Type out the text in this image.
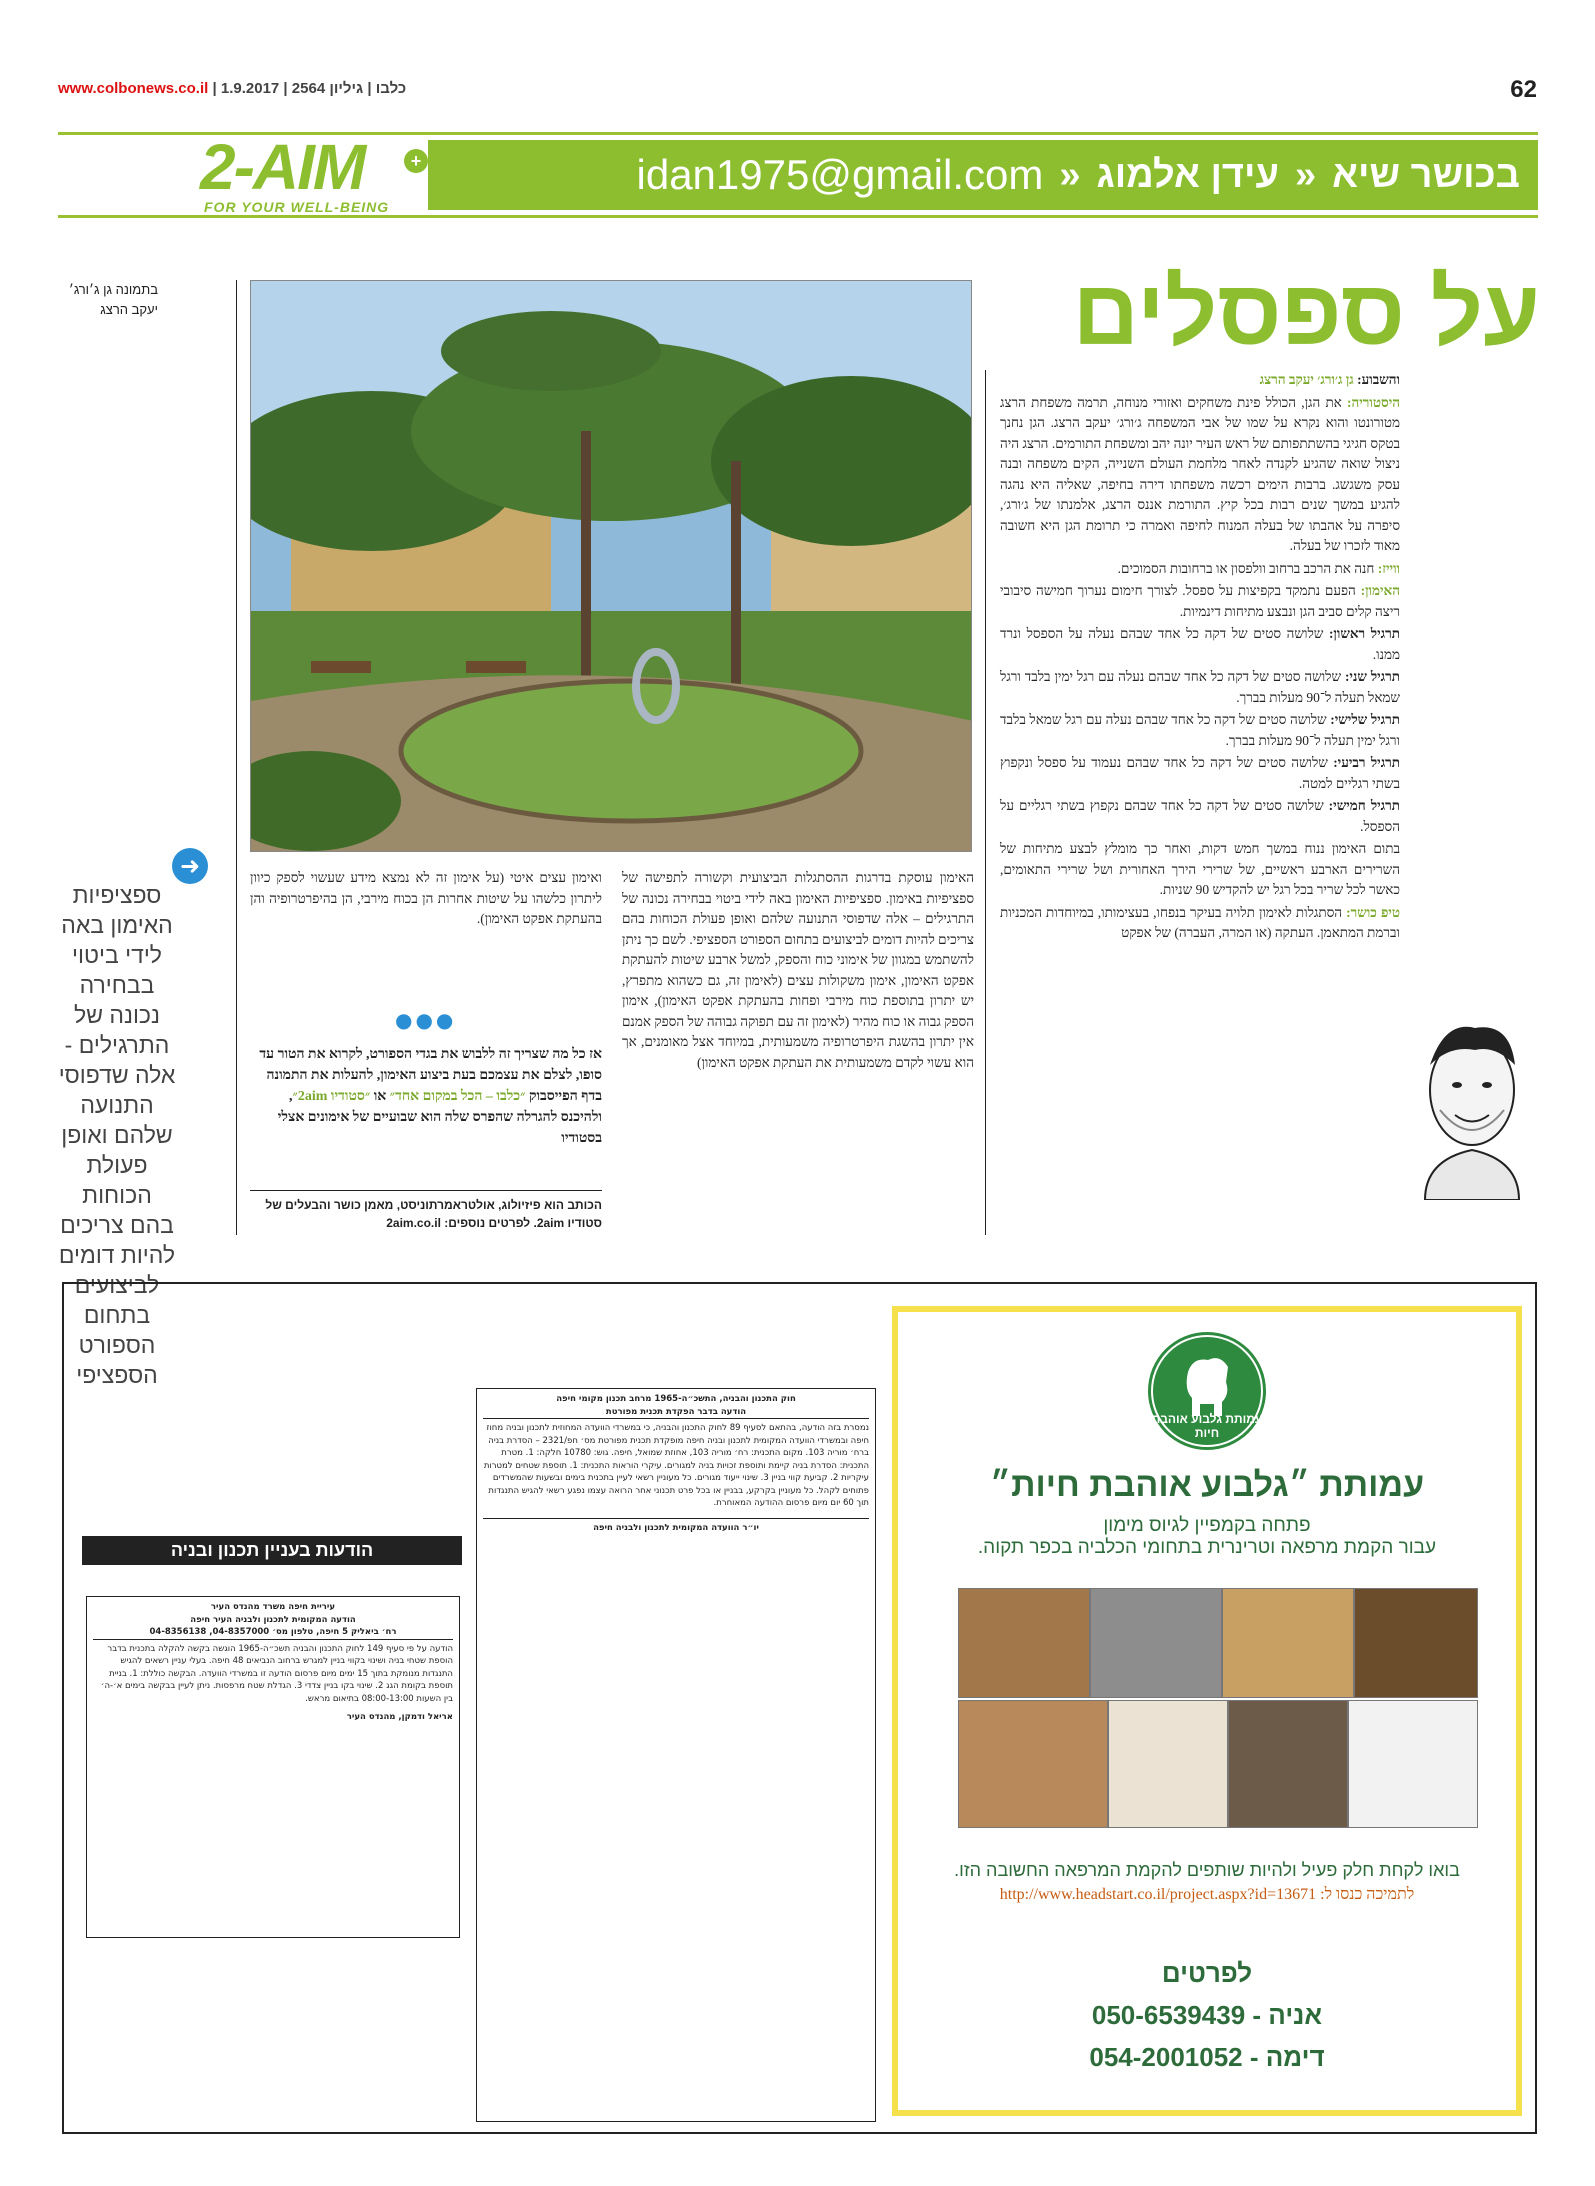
www.colbonews.co.il | כלבו | גיליון 2564 | 1.9.2017	62
בכושר שיא
«
עידן אלמוג
«
idan1975@gmail.com
2-AIM
FOR YOUR WELL-BEING
+
בתמונה גן ג׳ורג׳ יעקב הרצג	על ספסלים

והשבוע: גן ג׳ורג׳ יעקב הרצג

היסטוריה: את הגן, הכולל פינת משחקים ואזורי מנוחה, תרמה משפחת הרצג מטורונטו והוא נקרא על שמו של אבי המשפחה ג׳ורג׳ יעקב הרצג. הגן נחנך בטקס חגיגי בהשתתפותם של ראש העיר יונה יהב ומשפחת התורמים. הרצג היה ניצול שואה שהגיע לקנדה לאחר מלחמת העולם השנייה, הקים משפחה ובנה עסק משגשג. ברבות הימים רכשה משפחתו דירה בחיפה, שאליה היא נהגה להגיע במשך שנים רבות בכל קיץ. התורמת אננס הרצג, אלמנתו של ג׳ורג׳, סיפרה על אהבתו של בעלה המנוח לחיפה ואמרה כי תרומת הגן היא חשובה מאוד לזכרו של בעלה.

ווייז: חנה את הרכב ברחוב וולפסון או ברחובות הסמוכים.

האימון: הפעם נתמקד בקפיצות על ספסל. לצורך חימום נערוך חמישה סיבובי ריצה קלים סביב הגן ונבצע מתיחות דינמיות.

תרגיל ראשון: שלושה סטים של דקה כל אחד שבהם נעלה על הספסל ונרד ממנו.

תרגיל שני: שלושה סטים של דקה כל אחד שבהם נעלה עם רגל ימין בלבד ורגל שמאל תעלה ל־90 מעלות בברך.

תרגיל שלישי: שלושה סטים של דקה כל אחד שבהם נעלה עם רגל שמאל בלבד ורגל ימין תעלה ל־90 מעלות בברך.

תרגיל רביעי: שלושה סטים של דקה כל אחד שבהם נעמוד על ספסל ונקפוץ בשתי רגליים למטה.

תרגיל חמישי: שלושה סטים של דקה כל אחד שבהם נקפוץ בשתי רגליים על הספסל.

בתום האימון ננוח במשך חמש דקות, ואחר כך מומלץ לבצע מתיחות של השרירים הארבע ראשיים, של שרירי הירך האחורית ושל שרירי התאומים, כאשר לכל שריר בכל רגל יש להקדיש 90 שניות.

טיפ כושר: הסתגלות לאימון תלויה בעיקר בנפחו, בעצימותו, במיוחדות המכניות וברמת המתאמן. העתקה (או המרה, העברה) של אפקט

האימון עוסקת בדרגות ההסתגלות הביצועית וקשורה לתפישה של ספציפיות באימון. ספציפיות האימון באה לידי ביטוי בבחירה נכונה של התרגילים – אלה שדפוסי התנועה שלהם ואופן פעולת הכוחות בהם צריכים להיות דומים לביצועים בתחום הספורט הספציפי. לשם כך ניתן להשתמש במגוון של אימוני כוח והספק, למשל ארבע שיטות להעתקת אפקט האימון, אימון משקולות עצים (לאימון זה, גם כשהוא מתפרץ, יש יתרון בתוספת כוח מירבי ופחות בהעתקת אפקט האימון), אימון הספק גבוה או כוח מהיר (לאימון זה עם תפוקה גבוהה של הספק אמנם אין יתרון בהשגת היפרטרופיה משמעותית, במיוחד אצל מאומנים, אך הוא עשוי לקדם משמעותית את העתקת אפקט האימון)

ואימון עצים איטי (על אימון זה לא נמצא מידע שעשוי לספק כיוון ליתרון כלשהו על שיטות אחרות הן בכוח מירבי, הן בהיפרטרופיה והן בהעתקת אפקט האימון).

●●●
אז כל מה שצריך זה ללבוש את בגדי הספורט, לקרוא את הטור עד סופו, לצלם את עצמכם בעת ביצוע האימון, להעלות את התמונה בדף הפייסבוק ״כלבו – הכל במקום אחד״ או ״סטודיו 2aim״, ולהיכנס להגרלה שהפרס שלה הוא שבועיים של אימונים אצלי בסטודיו
הכותב הוא פיזיולוג, אולטראמרתוניסט, מאמן כושר והבעלים של סטודיו 2aim. לפרטים נוספים: 2aim.co.il
➜
ספציפיות האימון באה לידי ביטוי בבחירה נכונה של התרגילים - אלה שדפוסי התנועה שלהם ואופן פעולת הכוחות בהם צריכים להיות דומים לביצועים בתחום הספורט הספציפי
עמותת גלבוע אוהבת חיות
עמותת ״גלבוע אוהבת חיות״
פתחה בקמפיין לגיוס מימון
עבור הקמת מרפאה וטרינרית בתחומי הכלביה בכפר תקוה.
בואו לקחת חלק פעיל ולהיות שותפים להקמת המרפאה החשובה הזו.
לתמיכה כנסו ל: http://www.headstart.co.il/project.aspx?id=13671
לפרטים
אניה - 050-6539439
דימה - 054-2001052
הודעות בעניין תכנון ובניה
עיריית חיפה משרד מהנדס העיר
הודעה המקומית לתכנון ולבניה העיר חיפה
רח׳ ביאליק 5 חיפה, טלפון מס׳ 04-8357000, 04-8356138
הודעה על פי סעיף 149 לחוק התכנון והבניה תשכ״ה-1965 הוגשה בקשה להקלה בתכנית בדבר הוספת שטחי בניה ושינוי בקווי בניין למגרש ברחוב הנביאים 48 חיפה. בעלי עניין רשאים להגיש התנגדות מנומקת בתוך 15 ימים מיום פרסום הודעה זו במשרדי הוועדה. הבקשה כוללת: 1. בניית תוספת בקומת הגג 2. שינוי בקו בניין צדדי 3. הגדלת שטח מרפסות. ניתן לעיין בבקשה בימים א׳-ה׳ בין השעות 08:00-13:00 בתיאום מראש.
אריאל ודמקן, מהנדס העיר
חוק התכנון והבניה, התשכ״ה-1965 מרחב תכנון מקומי חיפה
הודעה בדבר הפקדת תכנית מפורטת
נמסרת בזה הודעה, בהתאם לסעיף 89 לחוק התכנון והבניה, כי במשרדי הוועדה המחוזית לתכנון ובניה מחוז חיפה ובמשרדי הוועדה המקומית לתכנון ובניה חיפה מופקדת תכנית מפורטת מס׳ חפ/2321 – הסדרת בניה ברח׳ מוריה 103. מקום התכנית: רח׳ מוריה 103, אחוזת שמואל, חיפה. גוש: 10780 חלקה: 1. מטרת התכנית: הסדרת בניה קיימת ותוספת זכויות בניה למגורים. עיקרי הוראות התכנית: 1. תוספת שטחים למטרות עיקריות 2. קביעת קווי בניין 3. שינוי ייעוד מגורים. כל מעוניין רשאי לעיין בתכנית בימים ובשעות שהמשרדים פתוחים לקהל. כל מעוניין בקרקע, בבניין או בכל פרט תכנוני אחר הרואה עצמו נפגע רשאי להגיש התנגדות תוך 60 יום מיום פרסום ההודעה המאוחרת.
יו״ר הוועדה המקומית לתכנון ולבניה חיפה
